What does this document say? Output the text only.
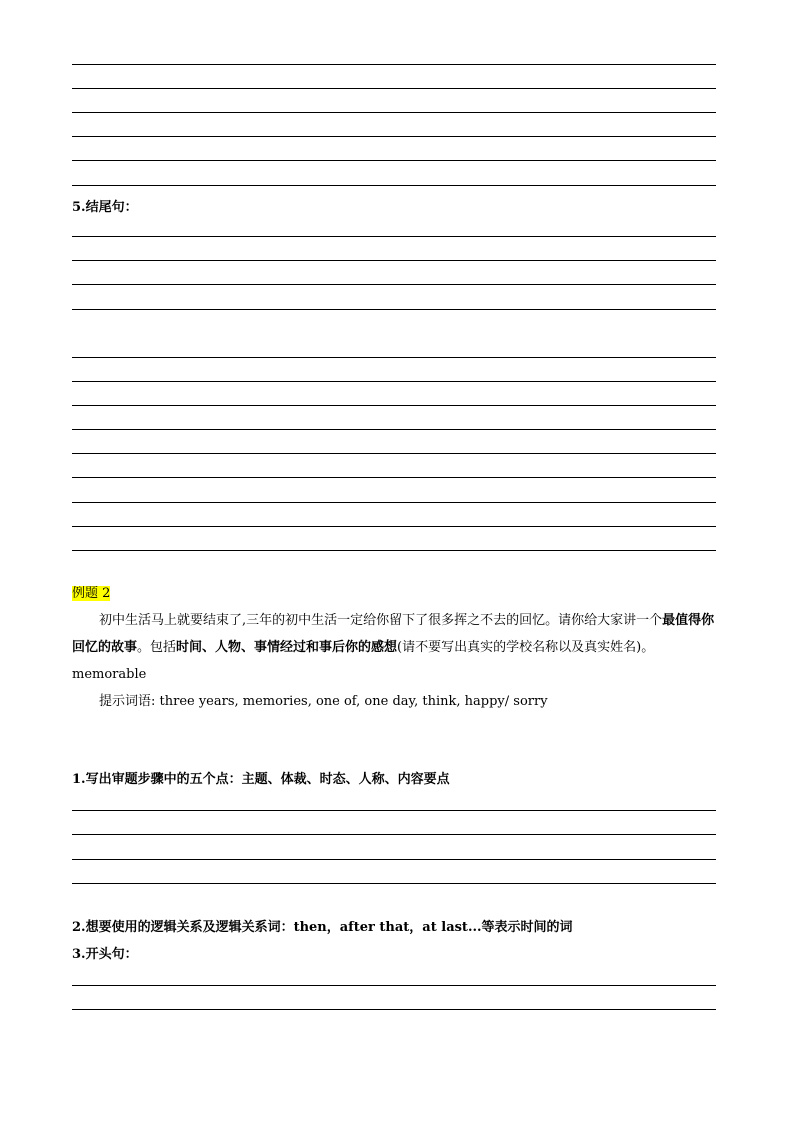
5.结尾句：
例题 2
初中生活马上就要结束了,三年的初中生活一定给你留下了很多挥之不去的回忆。请你给大家讲一个最值得你回忆的故事。包括时间、人物、事情经过和事后你的感想(请不要写出真实的学校名称以及真实姓名)。memorable
提示词语: three years, memories, one of, one day, think, happy/ sorry
1.写出审题步骤中的五个点：主题、体裁、时态、人称、内容要点
2.想要使用的逻辑关系及逻辑关系词：then，after that，at last...等表示时间的词
3.开头句：
